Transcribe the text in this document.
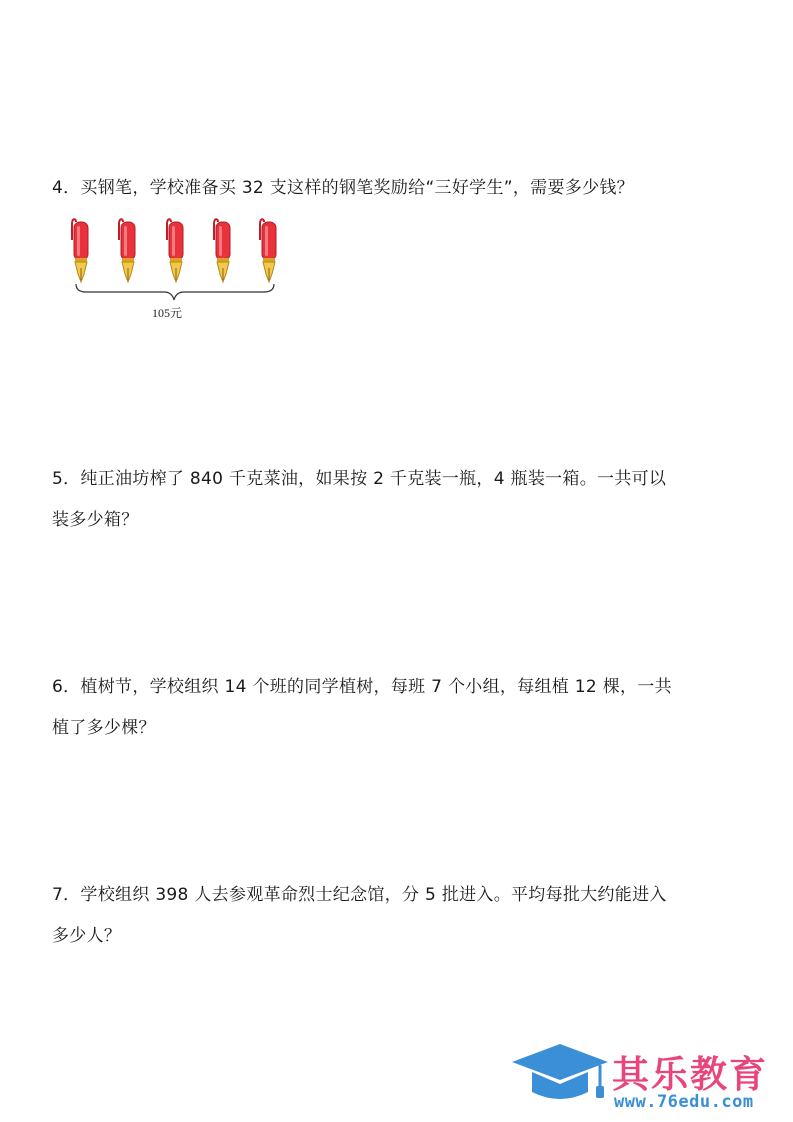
4．买钢笔，学校准备买 32 支这样的钢笔奖励给“三好学生”，需要多少钱？
105元
5．纯正油坊榨了 840 千克菜油，如果按 2 千克装一瓶，4 瓶装一箱。一共可以
装多少箱？
6．植树节，学校组织 14 个班的同学植树，每班 7 个小组，每组植 12 棵，一共
植了多少棵？
7．学校组织 398 人去参观革命烈士纪念馆，分 5 批进入。平均每批大约能进入
多少人？
其乐教育
www.76edu.com
